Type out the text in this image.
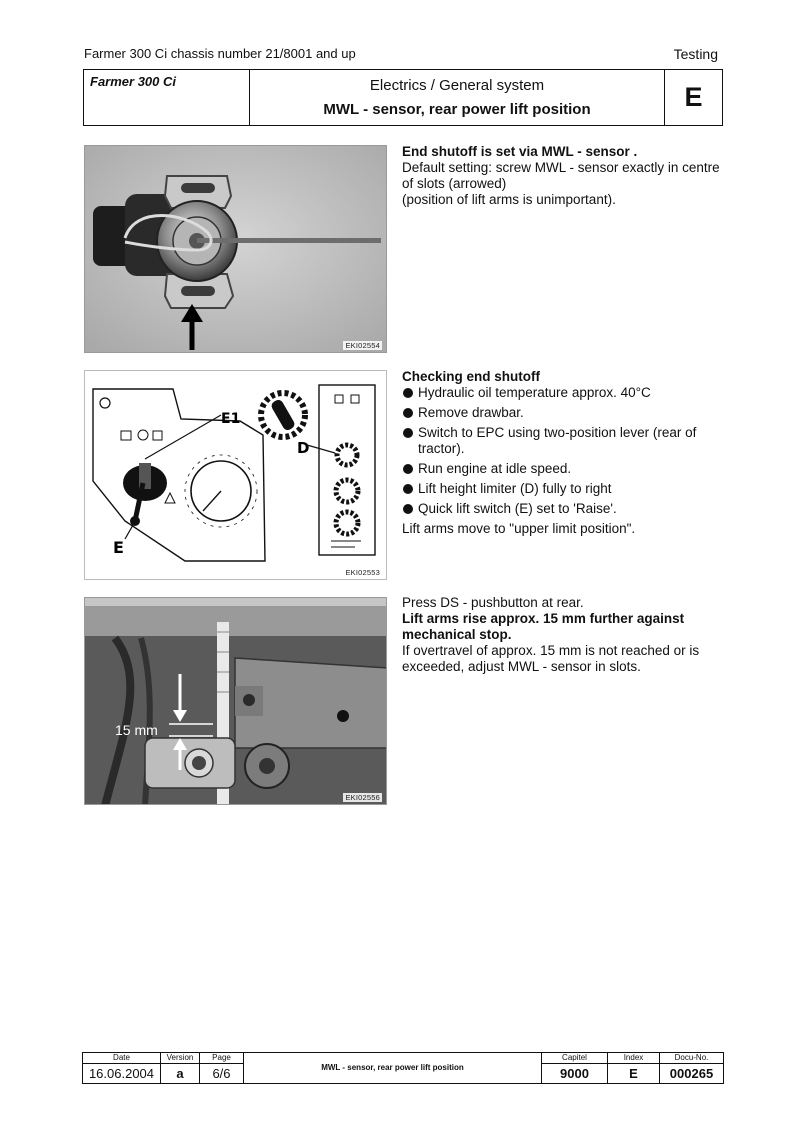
Farmer 300 Ci chassis number 21/8001 and up	Testing
Farmer 300 Ci	Electrics / General system
MWL - sensor, rear power lift position	E
EKI02554

End shutoff is set via MWL - sensor .

Default setting: screw MWL - sensor exactly in centre of slots (arrowed)

(position of lift arms is unimportant).

E1
E
D
EKI02553

Checking end shutoff

Hydraulic oil temperature approx. 40°C
Remove drawbar.
Switch to EPC using two-position lever (rear of tractor).
Run engine at idle speed.
Lift height limiter (D) fully to right
Quick lift switch (E) set to 'Raise'.

Lift arms move to "upper limit position".

15 mm
EKI02556

Press DS - pushbutton at rear.

Lift arms rise approx. 15 mm further against mechanical stop.

If overtravel of approx. 15 mm is not reached or is exceeded, adjust MWL - sensor in slots.

Date	Version	Page	MWL - sensor, rear power lift position	Capitel	Index	Docu-No.
16.06.2004	a	6/6		9000	E	000265
